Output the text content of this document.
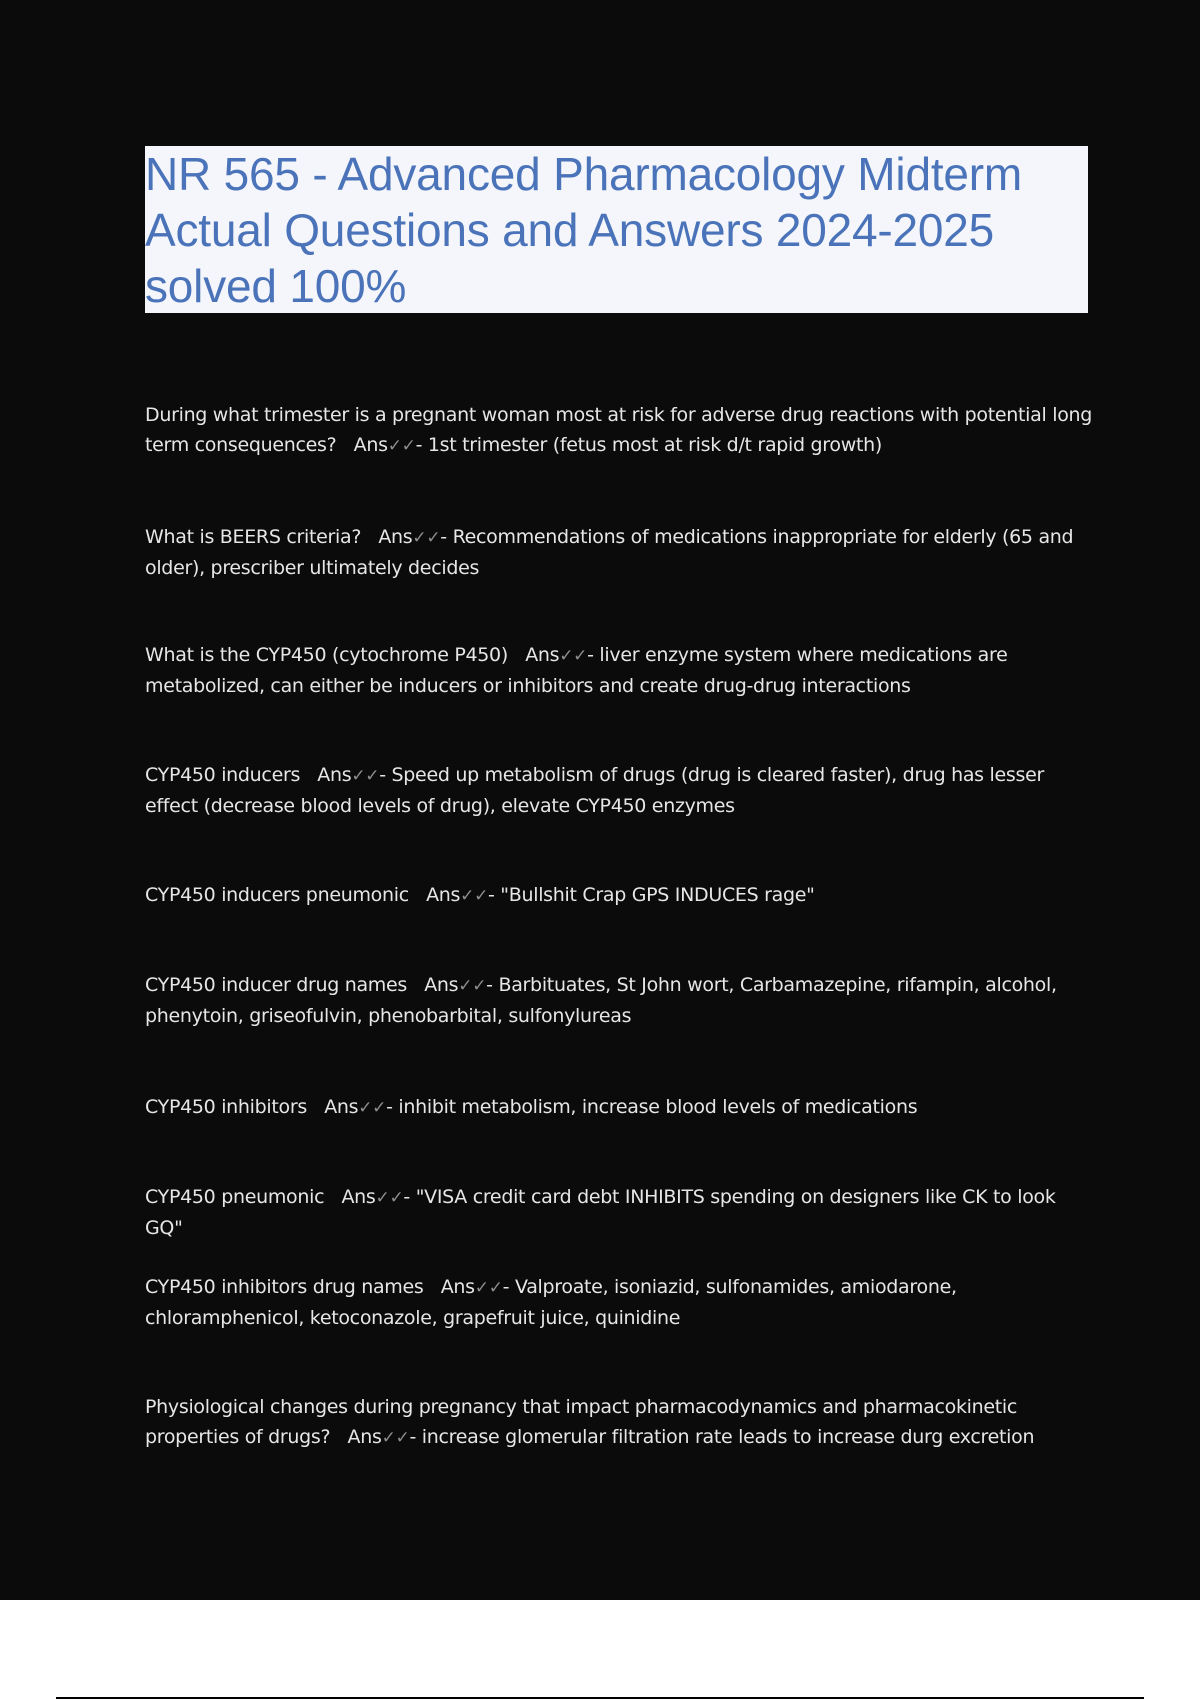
NR 565 - Advanced Pharmacology Midterm Actual Questions and Answers 2024-2025 solved 100%
During what trimester is a pregnant woman most at risk for adverse drug reactions with potential long term consequences? Ans✓✓- 1st trimester (fetus most at risk d/t rapid growth)
What is BEERS criteria? Ans✓✓- Recommendations of medications inappropriate for elderly (65 and older), prescriber ultimately decides
What is the CYP450 (cytochrome P450) Ans✓✓- liver enzyme system where medications are metabolized, can either be inducers or inhibitors and create drug-drug interactions
CYP450 inducers Ans✓✓- Speed up metabolism of drugs (drug is cleared faster), drug has lesser effect (decrease blood levels of drug), elevate CYP450 enzymes
CYP450 inducers pneumonic Ans✓✓- "Bullshit Crap GPS INDUCES rage"
CYP450 inducer drug names Ans✓✓- Barbituates, St John wort, Carbamazepine, rifampin, alcohol, phenytoin, griseofulvin, phenobarbital, sulfonylureas
CYP450 inhibitors Ans✓✓- inhibit metabolism, increase blood levels of medications
CYP450 pneumonic Ans✓✓- "VISA credit card debt INHIBITS spending on designers like CK to look GQ"
CYP450 inhibitors drug names Ans✓✓- Valproate, isoniazid, sulfonamides, amiodarone, chloramphenicol, ketoconazole, grapefruit juice, quinidine
Physiological changes during pregnancy that impact pharmacodynamics and pharmacokinetic properties of drugs? Ans✓✓- increase glomerular filtration rate leads to increase durg excretion
